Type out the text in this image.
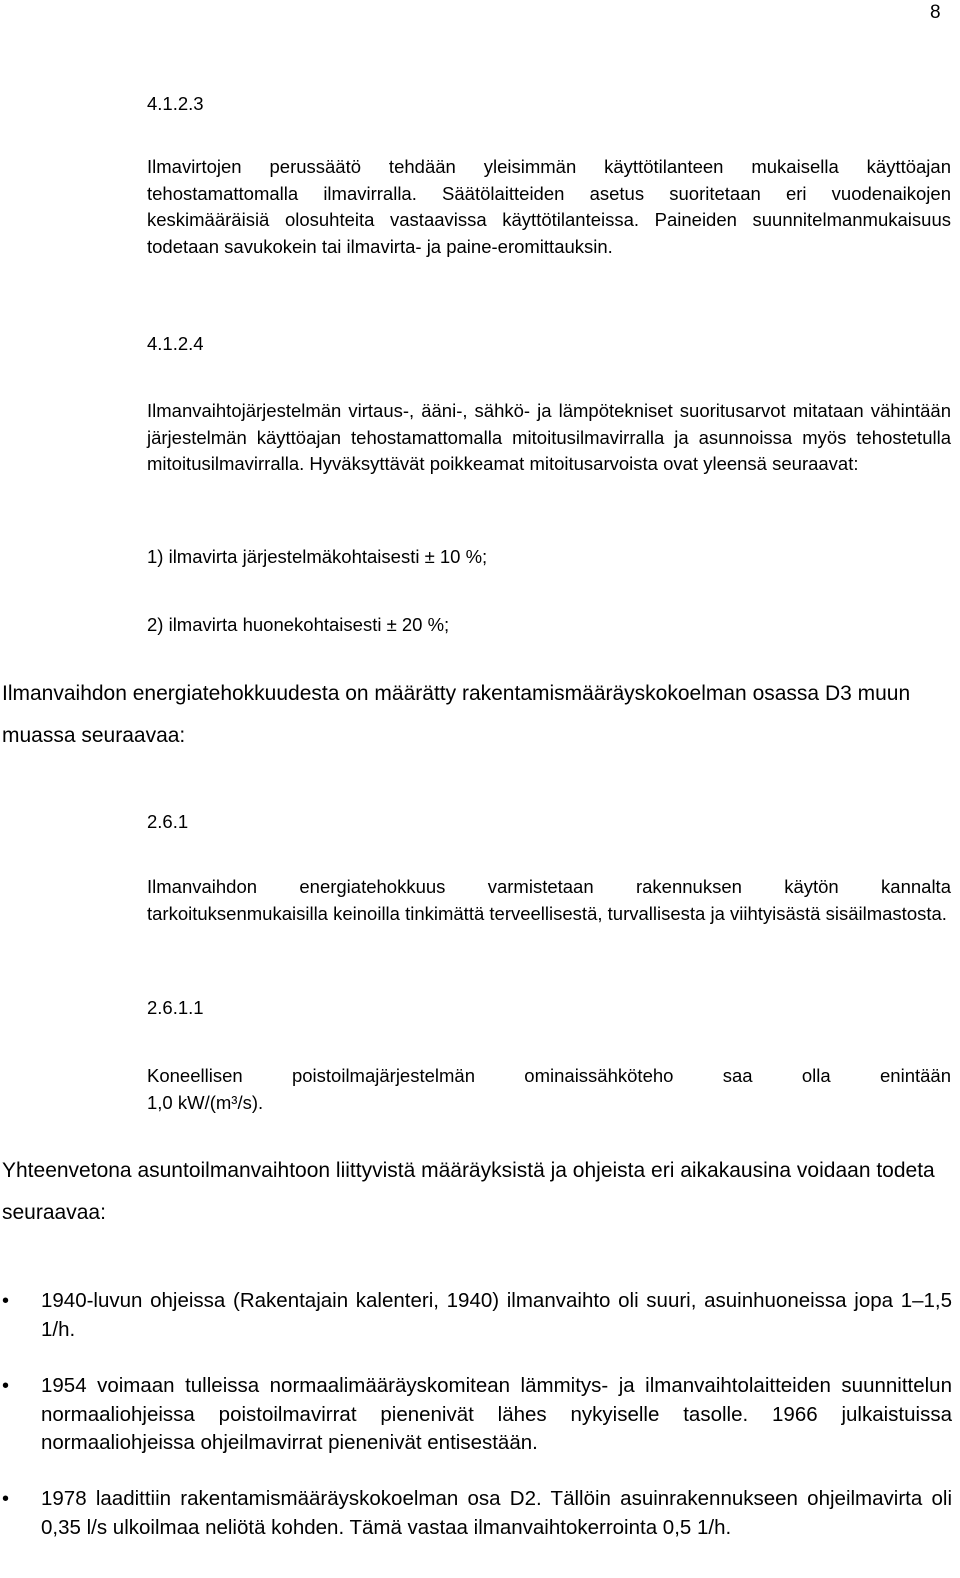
8
4.1.2.3
Ilmavirtojen perussäätö tehdään yleisimmän käyttötilanteen mukaisella käyttöajan tehostamattomalla ilmavirralla. Säätölaitteiden asetus suoritetaan eri vuodenaikojen keskimääräisiä olosuhteita vastaavissa käyttötilanteissa. Paineiden suunnitelmanmukaisuus todetaan savukokein tai ilmavirta- ja paine-eromittauksin.
4.1.2.4
Ilmanvaihtojärjestelmän virtaus-, ääni-, sähkö- ja lämpötekniset suoritusarvot mitataan vähintään järjestelmän käyttöajan tehostamattomalla mitoitusilmavirralla ja asunnoissa myös tehostetulla mitoitusilmavirralla. Hyväksyttävät poikkeamat mitoitusarvoista ovat yleensä seuraavat:
1) ilmavirta järjestelmäkohtaisesti ± 10 %;
2) ilmavirta huonekohtaisesti ± 20 %;
Ilmanvaihdon energiatehokkuudesta on määrätty rakentamismääräyskokoelman osassa D3 muun muassa seuraavaa:
2.6.1
Ilmanvaihdon energiatehokkuus varmistetaan rakennuksen käytön kannalta tarkoituksenmukaisilla keinoilla tinkimättä terveellisestä, turvallisesta ja viihtyisästä sisäilmastosta.
2.6.1.1
Koneellisen poistoilmajärjestelmän ominaissähköteho saa olla enintään
1,0 kW/(m³/s).
Yhteenvetona asuntoilmanvaihtoon liittyvistä määräyksistä ja ohjeista eri aikakausina voidaan todeta seuraavaa:
• 1940-luvun ohjeissa (Rakentajain kalenteri, 1940) ilmanvaihto oli suuri, asuinhuoneissa jopa 1–1,5 1/h.
• 1954 voimaan tulleissa normaalimääräyskomitean lämmitys- ja ilmanvaihtolaitteiden suunnittelun normaaliohjeissa poistoilmavirrat pienenivät lähes nykyiselle tasolle. 1966 julkaistuissa normaaliohjeissa ohjeilmavirrat pienenivät entisestään.
• 1978 laadittiin rakentamismääräyskokoelman osa D2. Tällöin asuinrakennukseen ohjeilmavirta oli 0,35 l/s ulkoilmaa neliötä kohden. Tämä vastaa ilmanvaihtokerrointa 0,5 1/h.
